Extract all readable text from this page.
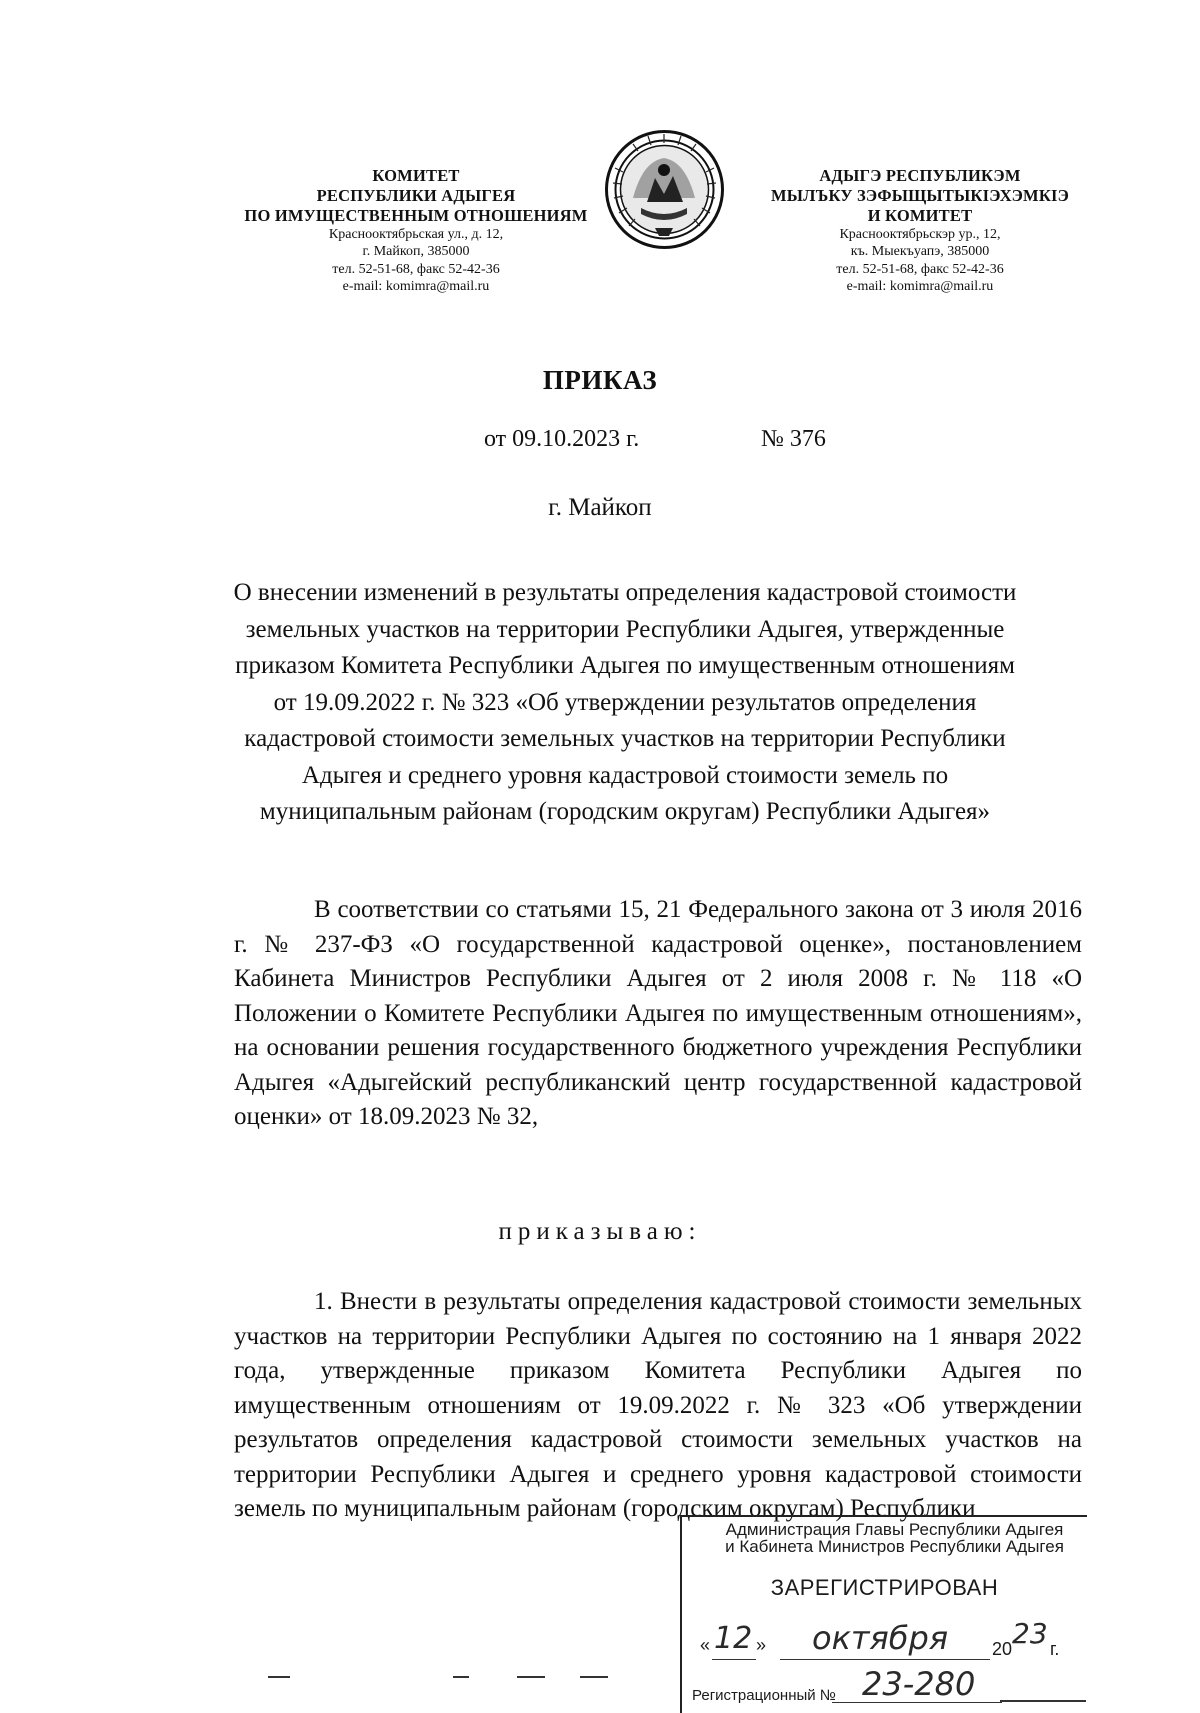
КОМИТЕТ
РЕСПУБЛИКИ АДЫГЕЯ
ПО ИМУЩЕСТВЕННЫМ ОТНОШЕНИЯМ
Краснооктябрьская ул., д. 12,
г. Майкоп, 385000
тел. 52-51-68, факс 52-42-36
e-mail: komimra@mail.ru
АДЫГЭ РЕСПУБЛИКЭМ
МЫЛЪКУ ЗЭФЫЩЫТЫКІЭХЭМКІЭ
И КОМИТЕТ
Краснооктябрьскэр ур., 12,
къ. Мыекъуапэ, 385000
тел. 52-51-68, факс 52-42-36
e-mail: komimra@mail.ru
ПРИКАЗ
от 09.10.2023 г.	№ 376
г. Майкоп
О внесении изменений в результаты определения кадастровой стоимости
земельных участков на территории Республики Адыгея, утвержденные
приказом Комитета Республики Адыгея по имущественным отношениям
от 19.09.2022 г. № 323 «Об утверждении результатов определения
кадастровой стоимости земельных участков на территории Республики
Адыгея и среднего уровня кадастровой стоимости земель по
муниципальным районам (городским округам) Республики Адыгея»
В соответствии со статьями 15, 21 Федерального закона от 3 июля 2016 г. № 237-ФЗ «О государственной кадастровой оценке», постановлением Кабинета Министров Республики Адыгея от 2 июля 2008 г. № 118 «О Положении о Комитете Республики Адыгея по имущественным отношениям», на основании решения государственного бюджетного учреждения Республики Адыгея «Адыгейский республиканский центр государственной кадастровой оценки» от 18.09.2023 № 32,
приказываю:
1. Внести в результаты определения кадастровой стоимости земельных участков на территории Республики Адыгея по состоянию на 1 января 2022 года, утвержденные приказом Комитета Республики Адыгея по имущественным отношениям от 19.09.2022 г. № 323 «Об утверждении результатов определения кадастровой стоимости земельных участков на территории Республики Адыгея и среднего уровня кадастровой стоимости земель по муниципальным районам (городским округам) Республики
Администрация Главы Республики Адыгея
и Кабинета Министров Республики Адыгея
ЗАРЕГИСТРИРОВАН
« 12 » октября 20 23 г.
Регистрационный № 23-280
